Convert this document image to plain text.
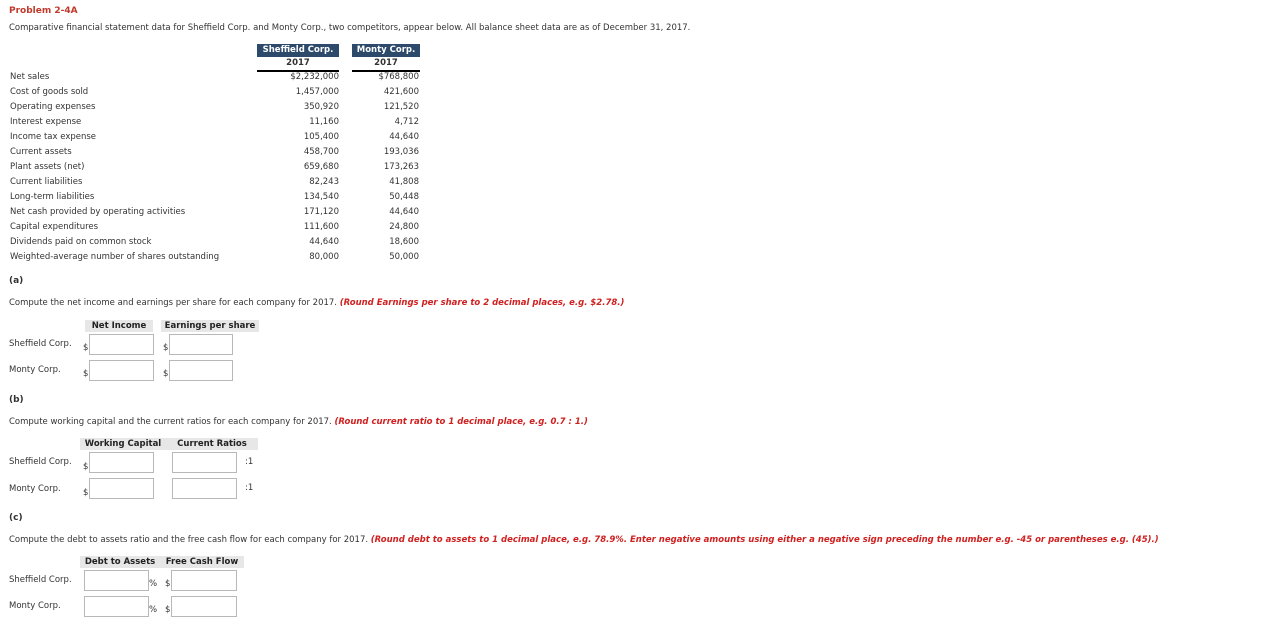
Problem 2-4A
Comparative financial statement data for Sheffield Corp. and Monty Corp., two competitors, appear below. All balance sheet data are as of December 31, 2017.
Sheffield Corp.	Monty Corp.
2017	2017
Net sales	$2,232,000	$768,800
Cost of goods sold	1,457,000	421,600
Operating expenses	350,920	121,520
Interest expense	11,160	4,712
Income tax expense	105,400	44,640
Current assets	458,700	193,036
Plant assets (net)	659,680	173,263
Current liabilities	82,243	41,808
Long-term liabilities	134,540	50,448
Net cash provided by operating activities	171,120	44,640
Capital expenditures	111,600	24,800
Dividends paid on common stock	44,640	18,600
Weighted-average number of shares outstanding	80,000	50,000
(a)
Compute the net income and earnings per share for each company for 2017. (Round Earnings per share to 2 decimal places, e.g. $2.78.)
Net Income	Earnings per share
Sheffield Corp. $	$
Monty Corp.	$	$
(b)
Compute working capital and the current ratios for each company for 2017. (Round current ratio to 1 decimal place, e.g. 0.7 : 1.)
Working Capital	Current Ratios
Sheffield Corp. $	:1
Monty Corp.	$	:1
(c)
Compute the debt to assets ratio and the free cash flow for each company for 2017. (Round debt to assets to 1 decimal place, e.g. 78.9%. Enter negative amounts using either a negative sign preceding the number e.g. -45 or parentheses e.g. (45).)
Debt to Assets	Free Cash Flow
Sheffield Corp.	% $
Monty Corp.	% $
